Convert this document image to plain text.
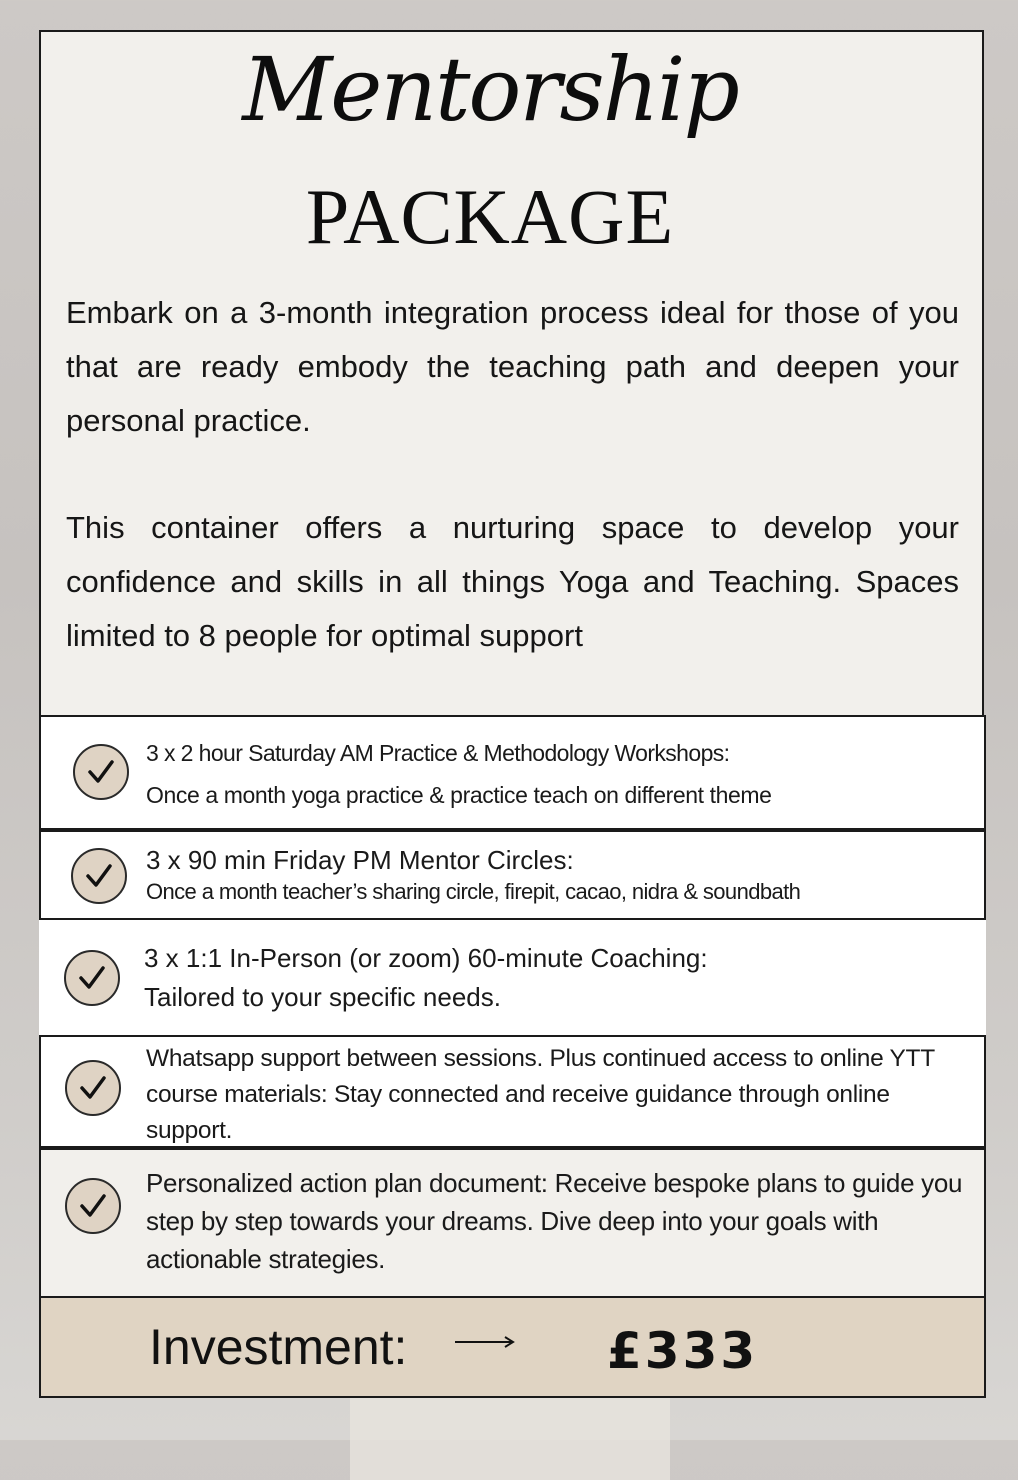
Mentorship
PACKAGE
Embark on a 3-month integration process ideal for those of you that are ready embody the teaching path and deepen your personal practice.
This container offers a nurturing space to develop your confidence and skills in all things Yoga and Teaching. Spaces limited to 8 people for optimal support
3 x 2 hour Saturday AM Practice & Methodology Workshops:
Once a month yoga practice & practice teach on different theme
3 x 90 min Friday PM Mentor Circles:
Once a month teacher’s sharing circle, firepit, cacao, nidra & soundbath
3 x 1:1 In-Person (or zoom) 60-minute Coaching:
Tailored to your specific needs.
Whatsapp support between sessions. Plus continued access to online YTT course materials: Stay connected and receive guidance through online support.
Personalized action plan document: Receive bespoke plans to guide you step by step towards your dreams. Dive deep into your goals with actionable strategies.
Investment:	£333
